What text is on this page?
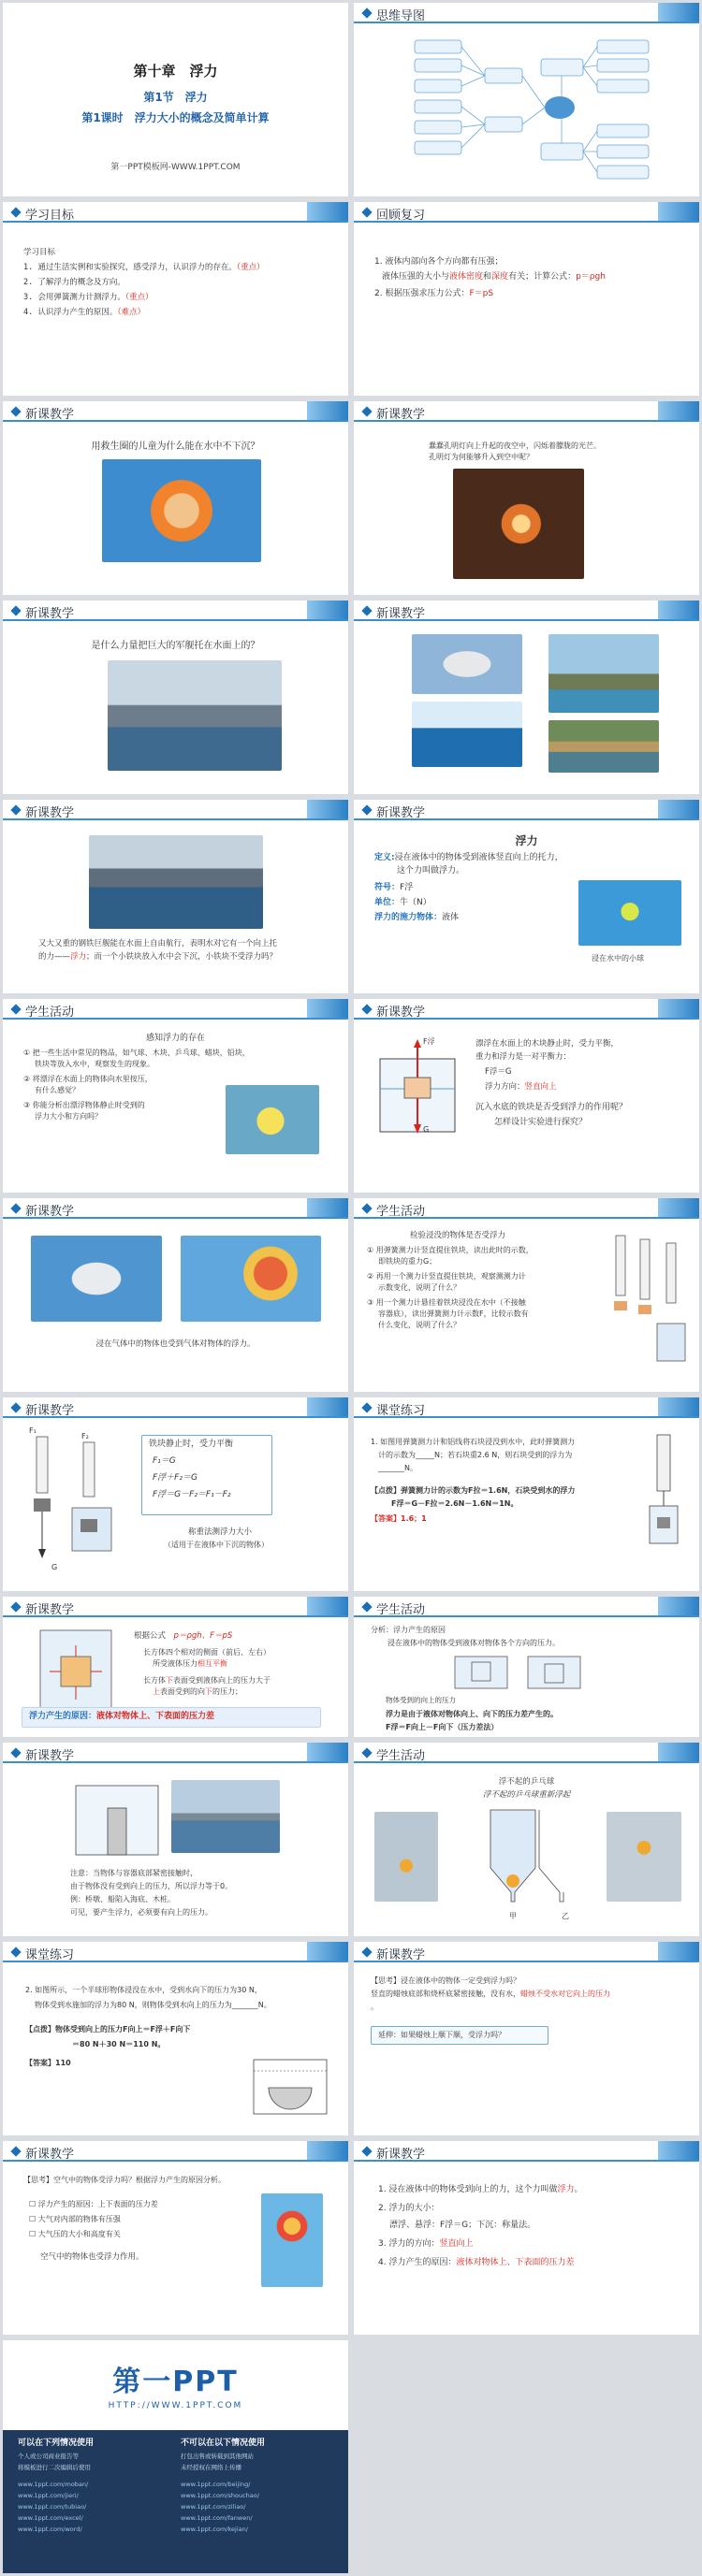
第十章　浮力
第1节　浮力
第1课时　浮力大小的概念及简单计算
第一PPT模板网-WWW.1PPT.COM
思维导图
学习目标
学习目标
1. 通过生活实例和实验探究，感受浮力，认识浮力的存在。（重点）
2. 了解浮力的概念及方向。
3. 会用弹簧测力计测浮力。（重点）
4. 认识浮力产生的原因。（难点）
回顾复习
1. 液体内部向各个方向都有压强；
液体压强的大小与液体密度和深度有关；计算公式：p＝ρgh
2. 根据压强求压力公式：F＝pS
新课教学
用救生圈的儿童为什么能在水中不下沉？
新课教学
蠢蠢孔明灯向上升起的夜空中，闪烁着朦胧的光芒。
孔明灯为何能够升入到空中呢？
新课教学
是什么力量把巨大的军舰托在水面上的？
新课教学
新课教学
又大又重的钢铁巨舰能在水面上自由航行，表明水对它有一个向上托
的力——浮力；而一个小铁块放入水中会下沉，小铁块不受浮力吗？
新课教学
浮力
定义:浸在液体中的物体受到液体竖直向上的托力，
这个力叫做浮力。
符号：F浮
单位：牛（N）
浮力的施力物体：液体
浸在水中的小球
学生活动
感知浮力的存在
① 把一些生活中常见的物品，如气球、木块、乒乓球、蜡块，铅块，
铁块等放入水中，观察发生的现象。
② 将漂浮在水面上的物体向水里按压，
有什么感觉？
③ 你能分析出漂浮物体静止时受到的
浮力大小和方向吗？
新课教学
F浮
G
漂浮在水面上的木块静止时，受力平衡，
重力和浮力是一对平衡力：
F浮＝G
浮力方向：竖直向上
沉入水底的铁块是否受到浮力的作用呢？
怎样设计实验进行探究？
新课教学
浸在气体中的物体也受到气体对物体的浮力。
学生活动
检验浸没的物体是否受浮力
① 用弹簧测力计竖直提住铁块，读出此时的示数，
即铁块的重力G；
② 再用一个测力计竖直提住铁块，观察测测力计
示数变化，说明了什么？
③ 用一个测力计悬挂着铁块浸没在水中（不接触
容器底），读出弹簧测力计示数F，比较示数有
什么变化，说明了什么？
新课教学
F₁
G
F₂
铁块静止时，受力平衡
F₁＝G
F浮＋F₂＝G
F浮＝G－F₂＝F₁－F₂
称重法测浮力大小
（适用于在液体中下沉的物体）
课堂练习
1. 如图用弹簧测力计和铝线将石块浸没到水中，此时弹簧测力
计的示数为_____N；若石块重2.6 N，则石块受到的浮力为
_______N。
【点拨】弹簧测力计的示数为F拉＝1.6N，石块受到水的浮力
F浮＝G－F拉＝2.6N－1.6N＝1N。
【答案】1.6；1
新课教学
根据公式　 p＝ρgh、F＝pS
长方体四个相对的侧面（前后、左右）
所受液体压力相互平衡
长方体下表面受到液体向上的压力大于
上表面受到的向下的压力；
浮力产生的原因：液体对物体上、下表面的压力差
学生活动
分析：浮力产生的原因
浸在液体中的物体受到液体对物体各个方向的压力。
物体受到的向上的压力
浮力是由于液体对物体向上、向下的压力差产生的。
F浮＝F向上－F向下（压力差法）
新课教学
注意：当物体与容器底部紧密接触时，
由于物体没有受到向上的压力，所以浮力等于0。
例：桥墩、船陷入海底、木桩。
可见，要产生浮力，必须要有向上的压力。
学生活动
浮不起的乒乓球
浮不起的乒乓球重新浮起
甲	乙
课堂练习
2. 如图所示，一个半球形物体浸没在水中，受到水向下的压力为30 N，
物体受到水施加的浮力为80 N，则物体受到水向上的压力为_______N。
【点拨】物体受到向上的压力F向上＝F浮＋F向下
＝80 N＋30 N＝110 N。
【答案】110
新课教学
【思考】浸在液体中的物体一定受到浮力吗？
竖直的蜡烛底部和烧杯底紧密接触，没有水，蜡烛不受水对它向上的压力
。
延伸：如果蜡烛上顺下顺，受浮力吗？
新课教学
【思考】空气中的物体受浮力吗？根据浮力产生的原因分析。
☐ 浮力产生的原因：上下表面的压力差
☐ 大气对内部的物体有压强
☐ 大气压的大小和高度有关
空气中的物体也受浮力作用。
新课教学
1. 浸在液体中的物体受到向上的力，这个力叫做浮力。
2. 浮力的大小：
漂浮、悬浮：F浮＝G；下沉：称量法。
3. 浮力的方向：竖直向上
4. 浮力产生的原因：液体对物体上、下表面的压力差
第一PPT
HTTP://WWW.1PPT.COM
可以在下列情况使用	不可以在以下情况使用
个人或公司商业报告等
将模板进行二次编辑后使用
www.1ppt.com/moban/
www.1ppt.com/jieri/
www.1ppt.com/tubiao/
www.1ppt.com/excel/
www.1ppt.com/word/
打包出售或转载到其他网站
未经授权在网络上传播
www.1ppt.com/beijing/
www.1ppt.com/shouchao/
www.1ppt.com/ziliao/
www.1ppt.com/fanwen/
www.1ppt.com/kejian/
